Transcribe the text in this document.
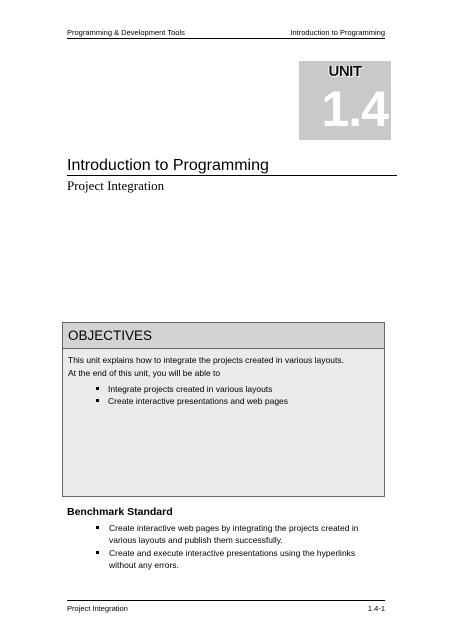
Programming & Development Tools	Introduction to Programming
UNIT
1.4
Introduction to Programming
Project Integration
OBJECTIVES
This unit explains how to integrate the projects created in various layouts.
At the end of this unit, you will be able to
Integrate projects created in various layouts
Create interactive presentations and web pages
Benchmark Standard
Create interactive web pages by integrating the projects created in
various layouts and publish them successfully.
Create and execute interactive presentations using the hyperlinks
without any errors.
Project Integration	1.4-1
